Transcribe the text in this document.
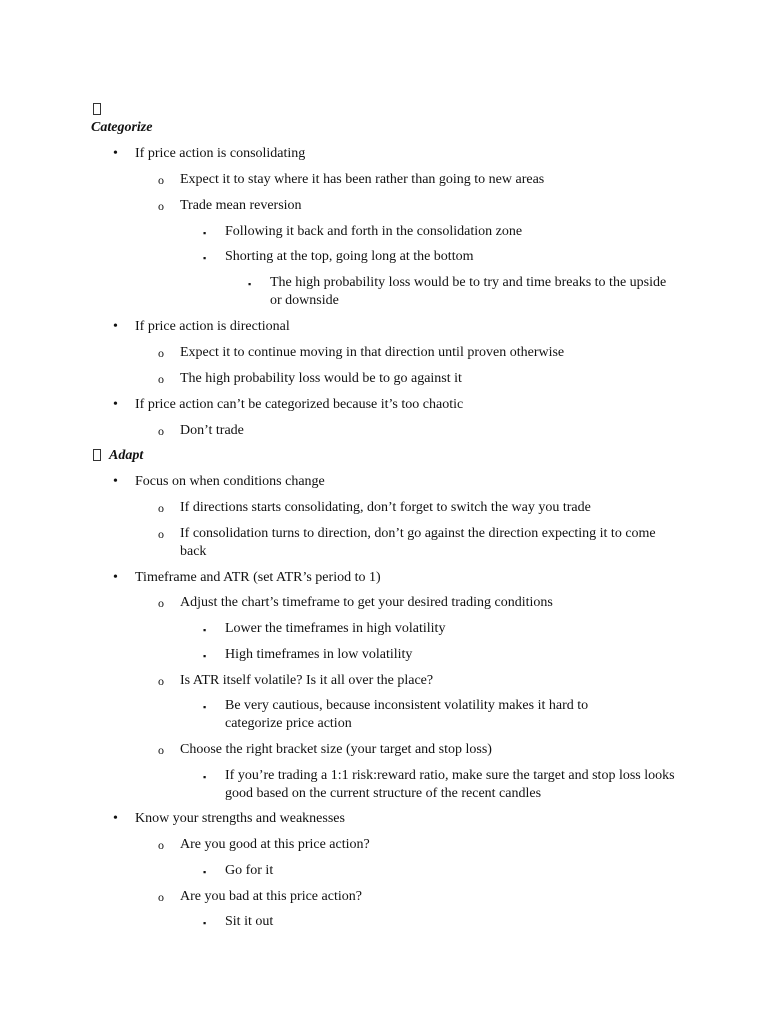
Categorize
• If price action is consolidating
o Expect it to stay where it has been rather than going to new areas
o Trade mean reversion
▪ Following it back and forth in the consolidation zone
▪ Shorting at the top, going long at the bottom
▪ The high probability loss would be to try and time breaks to the upside or downside
• If price action is directional
o Expect it to continue moving in that direction until proven otherwise
o The high probability loss would be to go against it
• If price action can’t be categorized because it’s too chaotic
o Don’t trade
Adapt
• Focus on when conditions change
o If directions starts consolidating, don’t forget to switch the way you trade
o If consolidation turns to direction, don’t go against the direction expecting it to come back
• Timeframe and ATR (set ATR’s period to 1)
o Adjust the chart’s timeframe to get your desired trading conditions
▪ Lower the timeframes in high volatility
▪ High timeframes in low volatility
o Is ATR itself volatile? Is it all over the place?
▪ Be very cautious, because inconsistent volatility makes it hard to categorize price action
o Choose the right bracket size (your target and stop loss)
▪ If you’re trading a 1:1 risk:reward ratio, make sure the target and stop loss looks good based on the current structure of the recent candles
• Know your strengths and weaknesses
o Are you good at this price action?
▪ Go for it
o Are you bad at this price action?
▪ Sit it out
